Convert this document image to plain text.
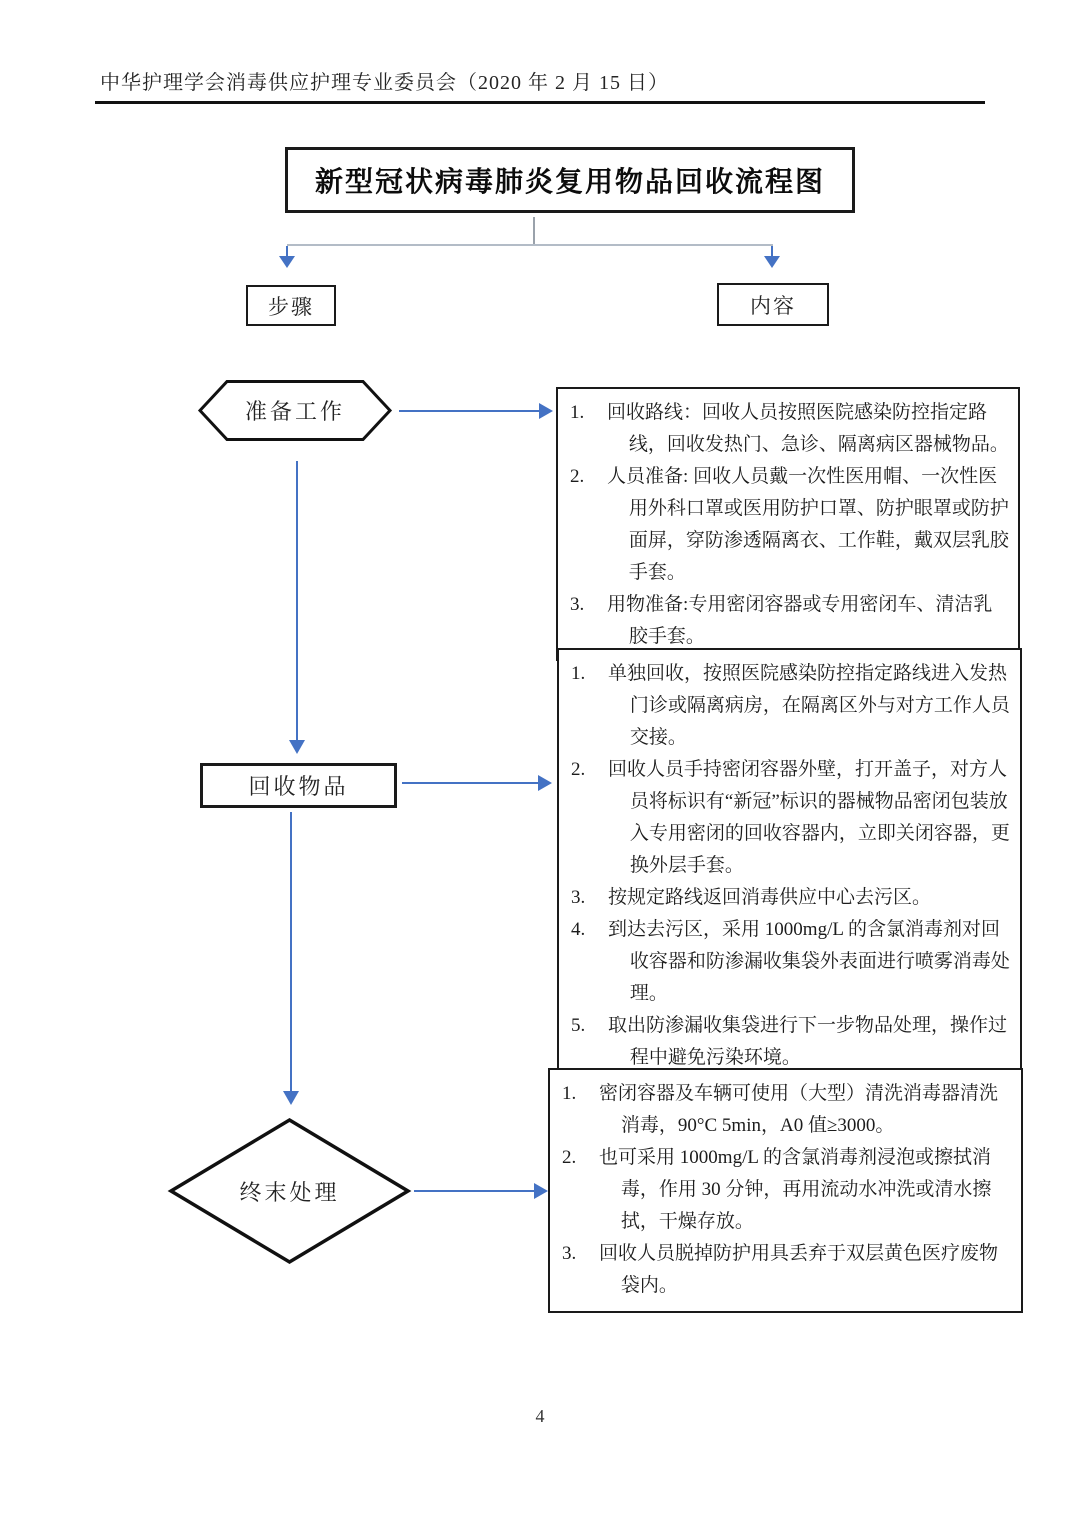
中华护理学会消毒供应护理专业委员会（2020 年 2 月 15 日）
新型冠状病毒肺炎复用物品回收流程图
步骤	内容
准备工作	回收路线：回收人员按照医院感染防控指定路线，回收发热门、急诊、隔离病区器械物品。
人员准备: 回收人员戴一次性医用帽、一次性医用外科口罩或医用防护口罩、防护眼罩或防护面屏，穿防渗透隔离衣、工作鞋，戴双层乳胶手套。
用物准备:专用密闭容器或专用密闭车、清洁乳胶手套。
回收物品
单独回收，按照医院感染防控指定路线进入发热门诊或隔离病房，在隔离区外与对方工作人员交接。
回收人员手持密闭容器外壁，打开盖子，对方人员将标识有“新冠”标识的器械物品密闭包装放入专用密闭的回收容器内，立即关闭容器，更换外层手套。
按规定路线返回消毒供应中心去污区。
到达去污区，采用 1000mg/L 的含氯消毒剂对回收容器和防渗漏收集袋外表面进行喷雾消毒处理。
取出防渗漏收集袋进行下一步物品处理，操作过程中避免污染环境。
终末处理
密闭容器及车辆可使用（大型）清洗消毒器清洗消毒，90°C 5min，A0 值≥3000。
也可采用 1000mg/L 的含氯消毒剂浸泡或擦拭消毒，作用 30 分钟，再用流动水冲洗或清水擦拭，干燥存放。
回收人员脱掉防护用具丢弃于双层黄色医疗废物袋内。
4
